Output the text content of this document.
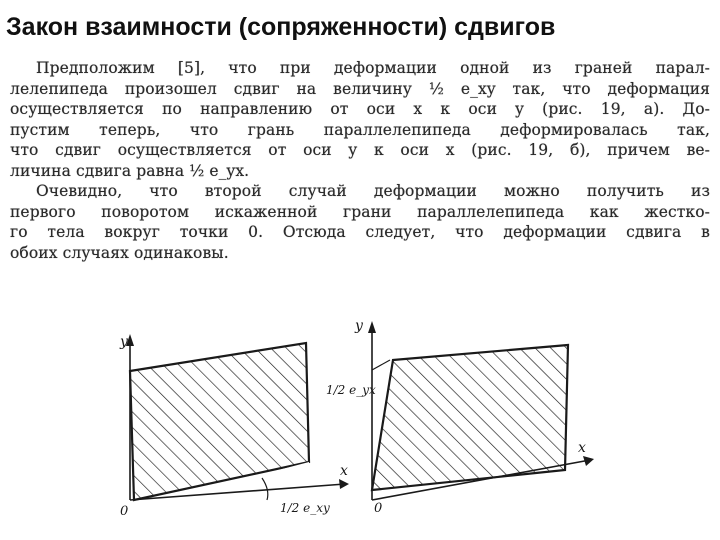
Закон взаимности (сопряженности) сдвигов
Предположим [5], что при деформации одной из граней парал-
лелепипеда произошел сдвиг на величину ½ e_xy так, что деформация
осуществляется по направлению от оси x к оси y (рис. 19, а). До-
пустим теперь, что грань параллелепипеда деформировалась так,
что сдвиг осуществляется от оси y к оси x (рис. 19, б), причем ве-
личина сдвига равна ½ e_yx.
Очевидно, что второй случай деформации можно получить из
первого поворотом искаженной грани параллелепипеда как жестко-
го тела вокруг точки 0. Отсюда следует, что деформации сдвига в
обоих случаях одинаковы.
y
x
0	1/2 e_xy
y
x
0
1/2 e_yx
